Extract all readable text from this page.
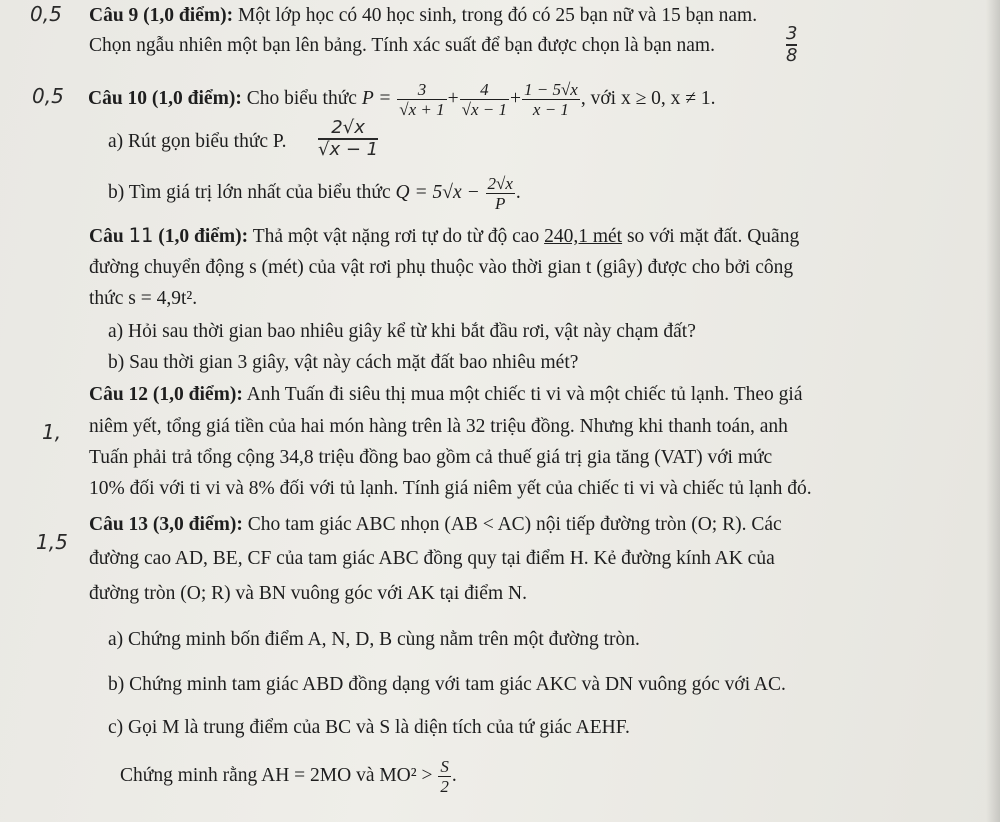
0,5 Câu 9 (1,0 điểm): Một lớp học có 40 học sinh, trong đó có 25 bạn nữ và 15 bạn nam.
Chọn ngẫu nhiên một bạn lên bảng. Tính xác suất để bạn được chọn là bạn nam.	$\frac{3}{8}$
0,5 Câu 10 (1,0 điểm): Cho biểu thức $P = \frac{3}{√x + 1} + \frac{4}{√x - 1} + \frac{1 - 5√x}{x - 1}$ , với x ≥ 0, x ≠ 1.
a) Rút gọn biểu thức P. $\frac{2√x}{√x - 1}$
b) Tìm giá trị lớn nhất của biểu thức $Q = 5√x - \frac{2√x}{P}$ .
Câu 11 (1,0 điểm): Thả một vật nặng rơi tự do từ độ cao 240,1 mét so với mặt đất. Quãng
đường chuyển động s (mét) của vật rơi phụ thuộc vào thời gian t (giây) được cho bởi công
thức s = 4,9t².
a) Hỏi sau thời gian bao nhiêu giây kể từ khi bắt đầu rơi, vật này chạm đất?
b) Sau thời gian 3 giây, vật này cách mặt đất bao nhiêu mét?
1,
Câu 12 (1,0 điểm): Anh Tuấn đi siêu thị mua một chiếc ti vi và một chiếc tủ lạnh. Theo giá
niêm yết, tổng giá tiền của hai món hàng trên là 32 triệu đồng. Nhưng khi thanh toán, anh
Tuấn phải trả tổng cộng 34,8 triệu đồng bao gồm cả thuế giá trị gia tăng (VAT) với mức
10% đối với ti vi và 8% đối với tủ lạnh. Tính giá niêm yết của chiếc ti vi và chiếc tủ lạnh đó.
1,5
Câu 13 (3,0 điểm): Cho tam giác ABC nhọn (AB < AC) nội tiếp đường tròn (O; R). Các
đường cao AD, BE, CF của tam giác ABC đồng quy tại điểm H. Kẻ đường kính AK của
đường tròn (O; R) và BN vuông góc với AK tại điểm N.
a) Chứng minh bốn điểm A, N, D, B cùng nằm trên một đường tròn.
b) Chứng minh tam giác ABD đồng dạng với tam giác AKC và DN vuông góc với AC.
c) Gọi M là trung điểm của BC và S là diện tích của tứ giác AEHF.
Chứng minh rằng AH = 2MO và $MO^2 > \frac{S}{2}$ .
